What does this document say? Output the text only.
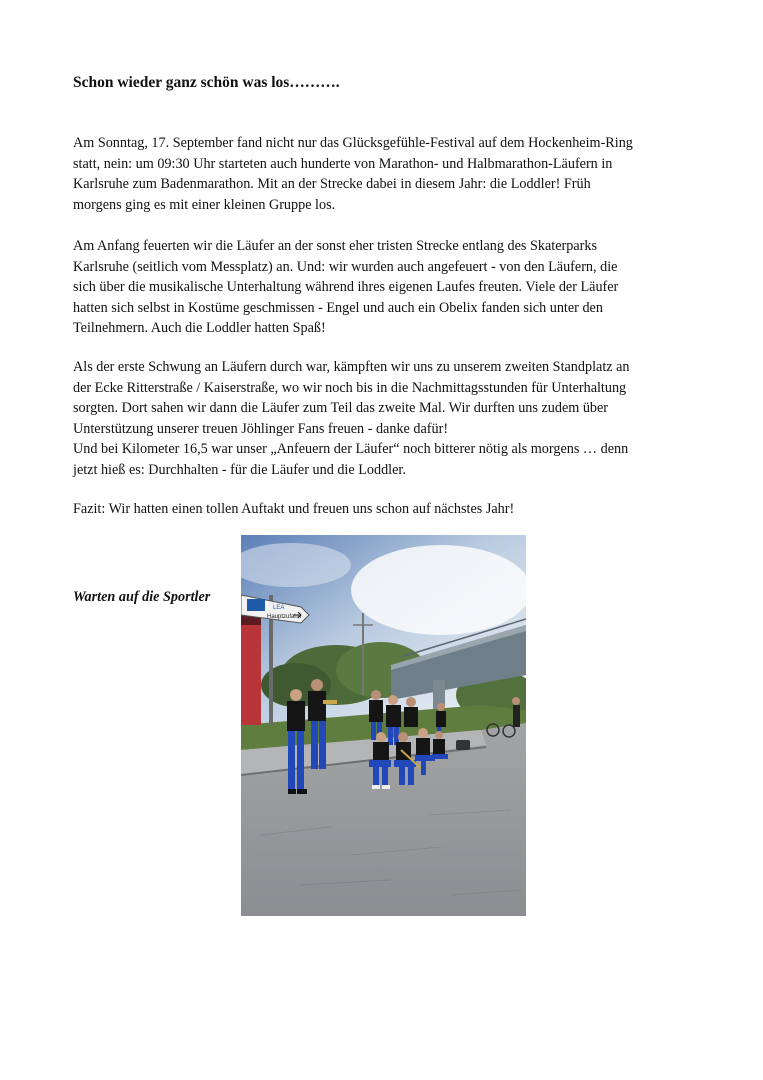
Schon wieder ganz schön was los……….

Am Sonntag, 17. September fand nicht nur das Glücksgefühle-Festival auf dem Hockenheim-Ring
statt, nein: um 09:30 Uhr starteten auch hunderte von Marathon- und Halbmarathon-Läufern in
Karlsruhe zum Badenmarathon. Mit an der Strecke dabei in diesem Jahr: die Loddler! Früh
morgens ging es mit einer kleinen Gruppe los.

Am Anfang feuerten wir die Läufer an der sonst eher tristen Strecke entlang des Skaterparks
Karlsruhe (seitlich vom Messplatz) an. Und: wir wurden auch angefeuert - von den Läufern, die
sich über die musikalische Unterhaltung während ihres eigenen Laufes freuten. Viele der Läufer
hatten sich selbst in Kostüme geschmissen - Engel und auch ein Obelix fanden sich unter den
Teilnehmern. Auch die Loddler hatten Spaß!

Als der erste Schwung an Läufern durch war, kämpften wir uns zu unserem zweiten Standplatz an
der Ecke Ritterstraße / Kaiserstraße, wo wir noch bis in die Nachmittagsstunden für Unterhaltung
sorgten. Dort sahen wir dann die Läufer zum Teil das zweite Mal. Wir durften uns zudem über
Unterstützung unserer treuen Jöhlinger Fans freuen - danke dafür!
Und bei Kilometer 16,5 war unser „Anfeuern der Läufer“ noch bitterer nötig als morgens … denn
jetzt hieß es: Durchhalten - für die Läufer und die Loddler.

Fazit: Wir hatten einen tollen Auftakt und freuen uns schon auf nächstes Jahr!

Warten auf die Sportler

LEA
Hauptzufahrt
